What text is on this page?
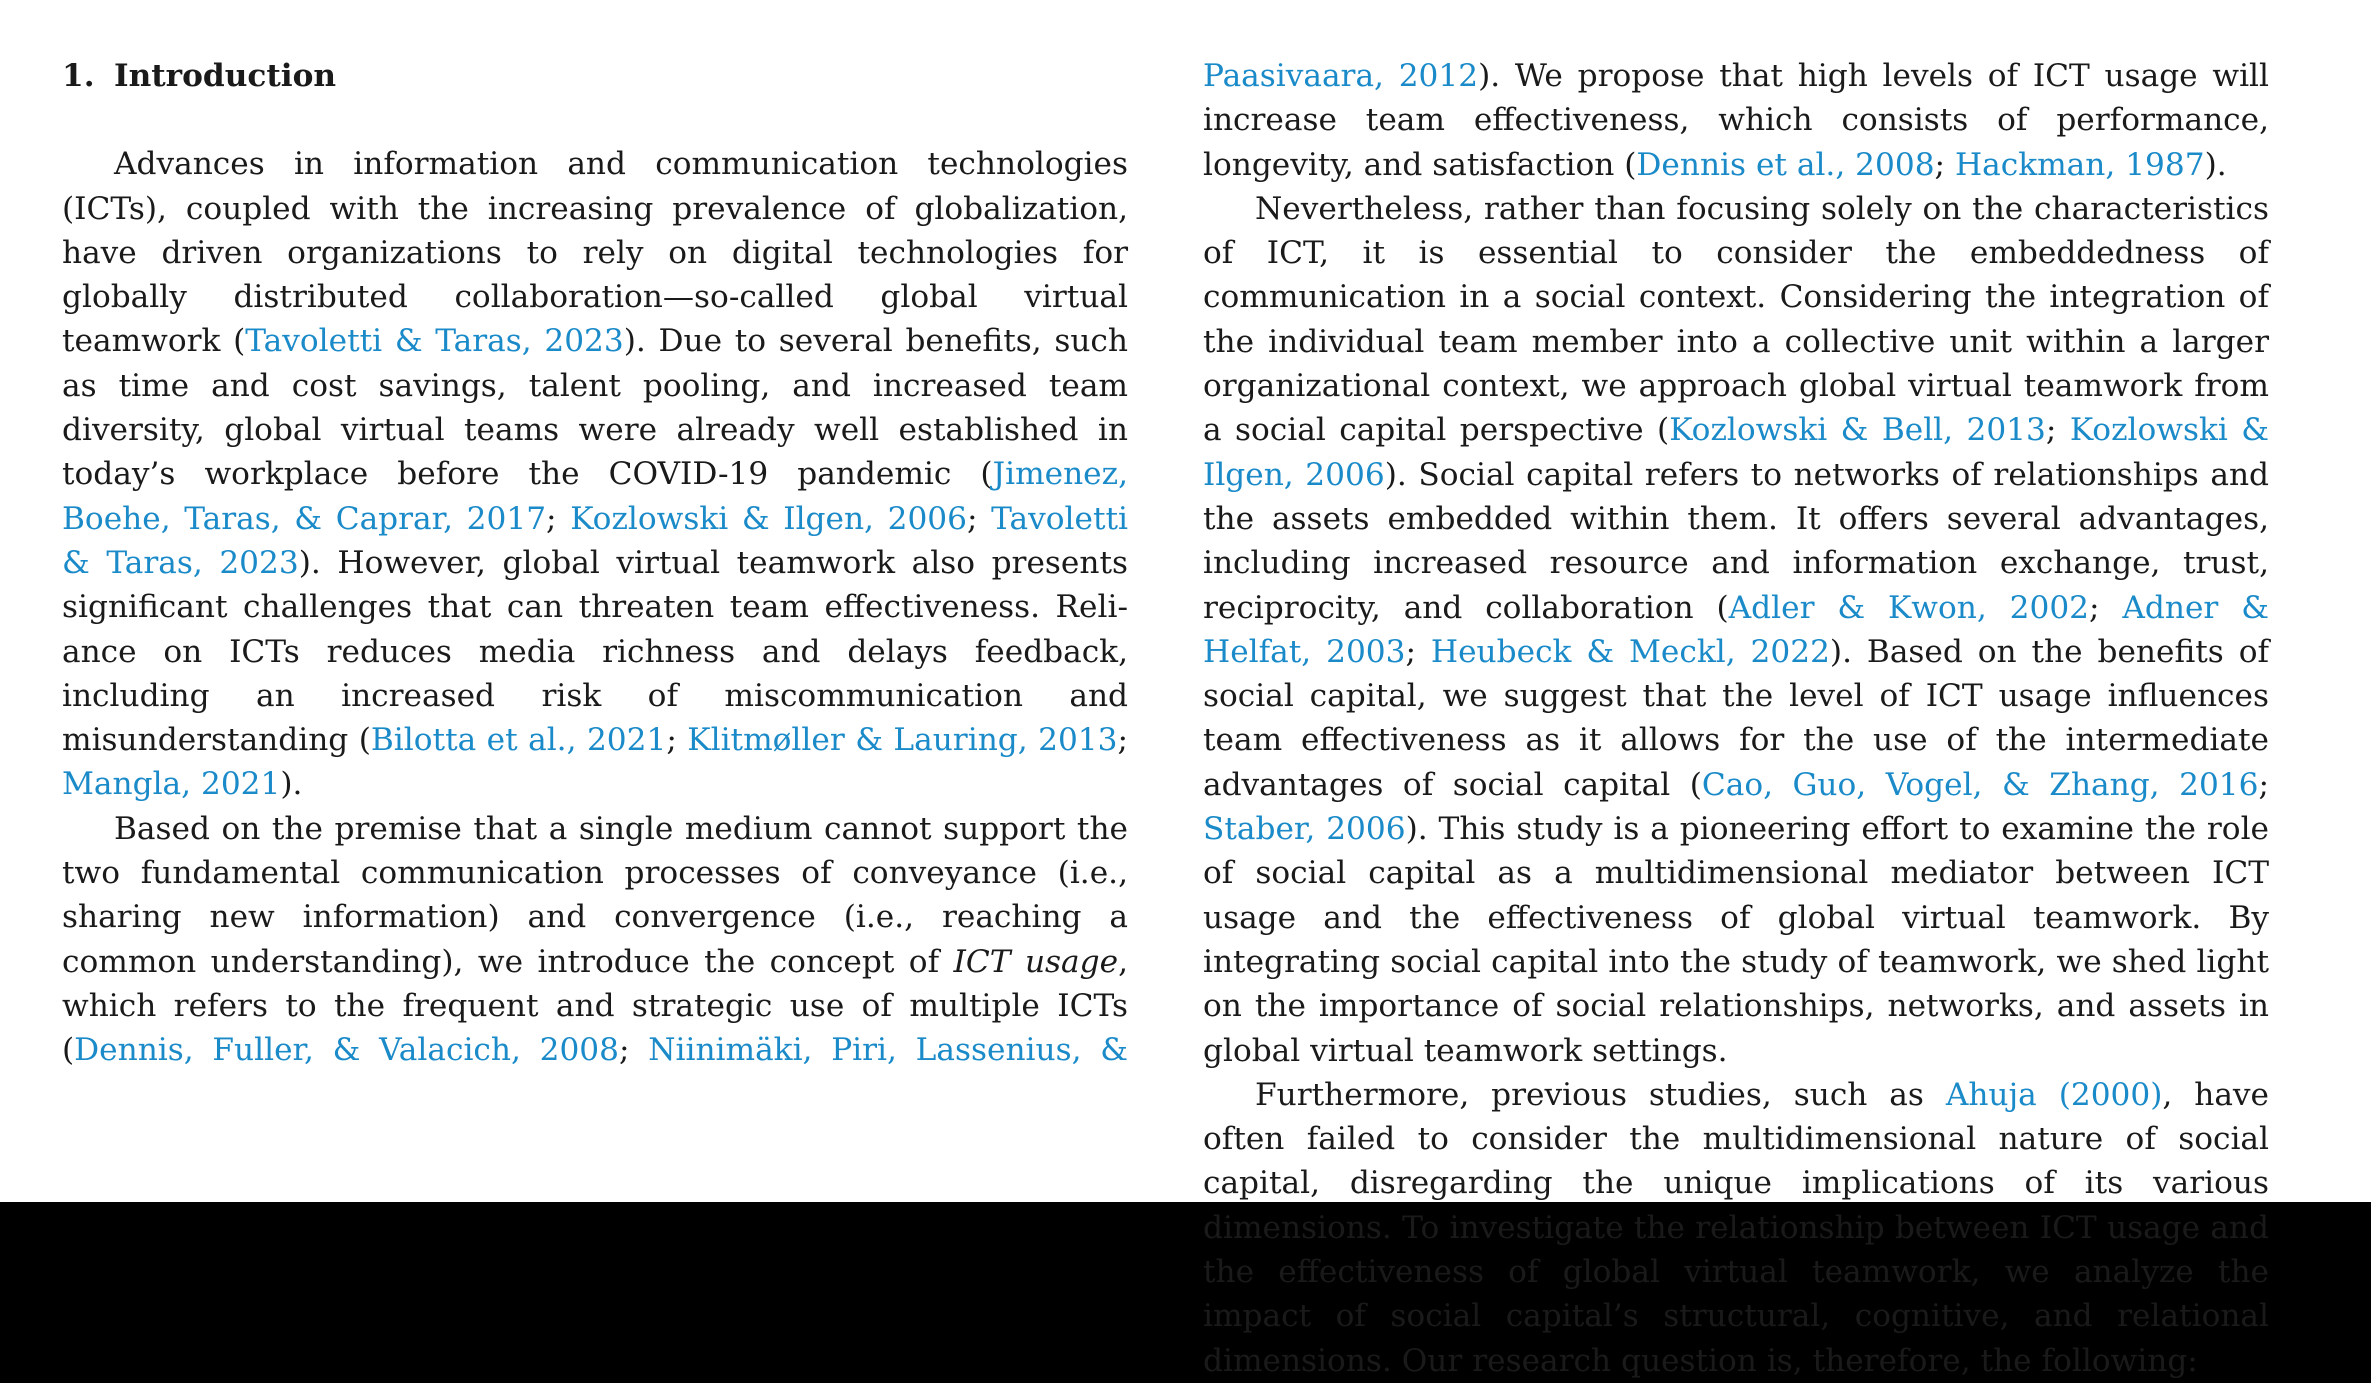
1. Introduction

Advances in information and communication technologies (ICTs), coupled with the increasing prevalence of globalization, have driven organizations to rely on digital technologies for globally distributed collaboration—so-called global virtual teamwork (Tavoletti & Taras, 2023). Due to several benefits, such as time and cost savings, talent pooling, and increased team diversity, global virtual teams were already well established in today’s workplace before the COVID-19 pandemic (Jimenez, Boehe, Taras, & Caprar, 2017; Kozlowski & Ilgen, 2006; Tavoletti & Taras, 2023). However, global virtual teamwork also presents significant challenges that can threaten team effectiveness. Reliance on ICTs reduces media richness and delays feedback, including an increased risk of miscommunication and misunderstanding (Bilotta et al., 2021; Klitmøller & Lauring, 2013; Mangla, 2021).

Based on the premise that a single medium cannot support the two fundamental communication processes of conveyance (i.e., sharing new information) and convergence (i.e., reaching a common understanding), we introduce the concept of ICT usage, which refers to the frequent and strategic use of multiple ICTs (Dennis, Fuller, & Valacich, 2008; Niinimäki, Piri, Lassenius, &

Paasivaara, 2012). We propose that high levels of ICT usage will increase team effectiveness, which consists of performance, longevity, and satisfaction (Dennis et al., 2008; Hackman, 1987).

Nevertheless, rather than focusing solely on the characteristics of ICT, it is essential to consider the embeddedness of communication in a social context. Considering the integration of the individual team member into a collective unit within a larger organizational context, we approach global virtual teamwork from a social capital perspective (Kozlowski & Bell, 2013; Kozlowski & Ilgen, 2006). Social capital refers to networks of relationships and the assets embedded within them. It offers several advantages, including increased resource and information exchange, trust, reciprocity, and collaboration (Adler & Kwon, 2002; Adner & Helfat, 2003; Heubeck & Meckl, 2022). Based on the benefits of social capital, we suggest that the level of ICT usage influences team effectiveness as it allows for the use of the intermediate advantages of social capital (Cao, Guo, Vogel, & Zhang, 2016; Staber, 2006). This study is a pioneering effort to examine the role of social capital as a multidimensional mediator between ICT usage and the effectiveness of global virtual teamwork. By integrating social capital into the study of teamwork, we shed light on the importance of social relationships, networks, and assets in global virtual teamwork settings.

Furthermore, previous studies, such as Ahuja (2000), have often failed to consider the multidimensional nature of social capital, disregarding the unique implications of its various dimensions. To investigate the relationship between ICT usage and the effectiveness of global virtual teamwork, we analyze the impact of social capital’s structural, cognitive, and relational dimensions. Our research question is, therefore, the following:
